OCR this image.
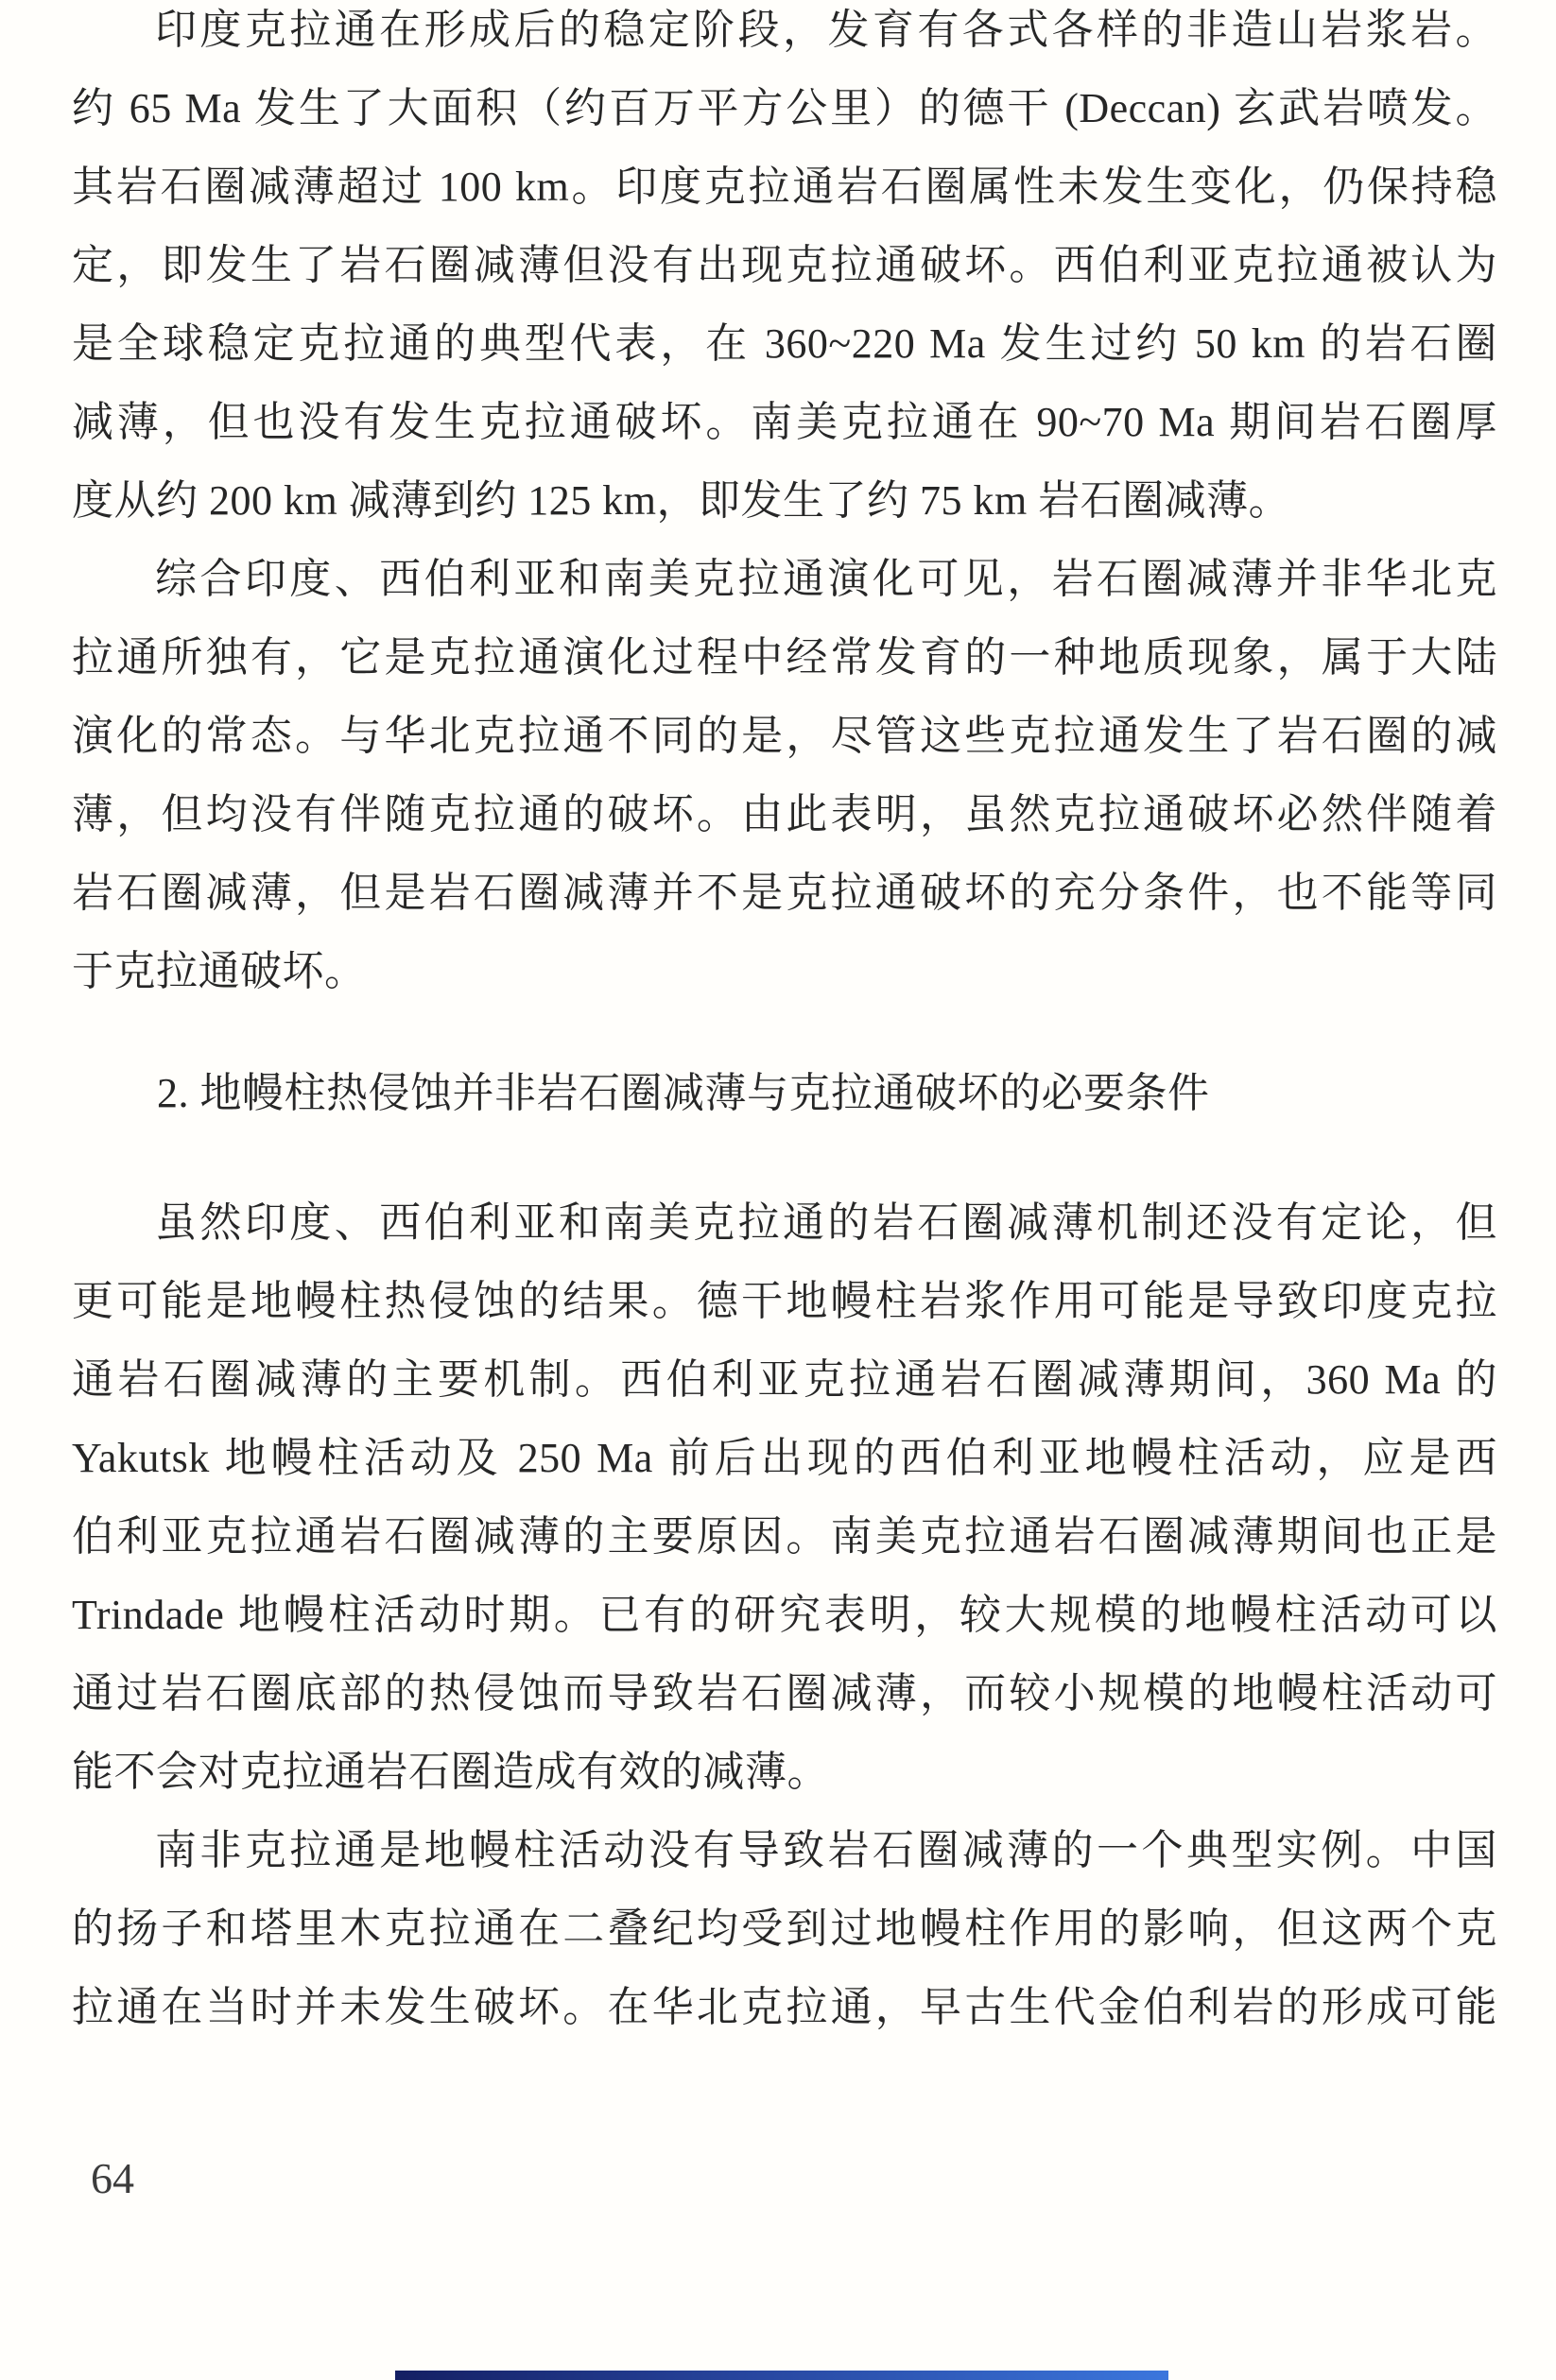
印度克拉通在形成后的稳定阶段，发育有各式各样的非造山岩浆岩。
约 65 Ma 发生了大面积（约百万平方公里）的德干 (Deccan) 玄武岩喷发。
其岩石圈减薄超过 100 km。印度克拉通岩石圈属性未发生变化，仍保持稳
定，即发生了岩石圈减薄但没有出现克拉通破坏。西伯利亚克拉通被认为
是全球稳定克拉通的典型代表，在 360~220 Ma 发生过约 50 km 的岩石圈
减薄，但也没有发生克拉通破坏。南美克拉通在 90~70 Ma 期间岩石圈厚
度从约 200 km 减薄到约 125 km，即发生了约 75 km 岩石圈减薄。
综合印度、西伯利亚和南美克拉通演化可见，岩石圈减薄并非华北克
拉通所独有，它是克拉通演化过程中经常发育的一种地质现象，属于大陆
演化的常态。与华北克拉通不同的是，尽管这些克拉通发生了岩石圈的减
薄，但均没有伴随克拉通的破坏。由此表明，虽然克拉通破坏必然伴随着
岩石圈减薄，但是岩石圈减薄并不是克拉通破坏的充分条件，也不能等同
于克拉通破坏。
2. 地幔柱热侵蚀并非岩石圈减薄与克拉通破坏的必要条件
虽然印度、西伯利亚和南美克拉通的岩石圈减薄机制还没有定论，但
更可能是地幔柱热侵蚀的结果。德干地幔柱岩浆作用可能是导致印度克拉
通岩石圈减薄的主要机制。西伯利亚克拉通岩石圈减薄期间，360 Ma 的
Yakutsk 地幔柱活动及 250 Ma 前后出现的西伯利亚地幔柱活动，应是西
伯利亚克拉通岩石圈减薄的主要原因。南美克拉通岩石圈减薄期间也正是
Trindade 地幔柱活动时期。已有的研究表明，较大规模的地幔柱活动可以
通过岩石圈底部的热侵蚀而导致岩石圈减薄，而较小规模的地幔柱活动可
能不会对克拉通岩石圈造成有效的减薄。
南非克拉通是地幔柱活动没有导致岩石圈减薄的一个典型实例。中国
的扬子和塔里木克拉通在二叠纪均受到过地幔柱作用的影响，但这两个克
拉通在当时并未发生破坏。在华北克拉通，早古生代金伯利岩的形成可能
64
